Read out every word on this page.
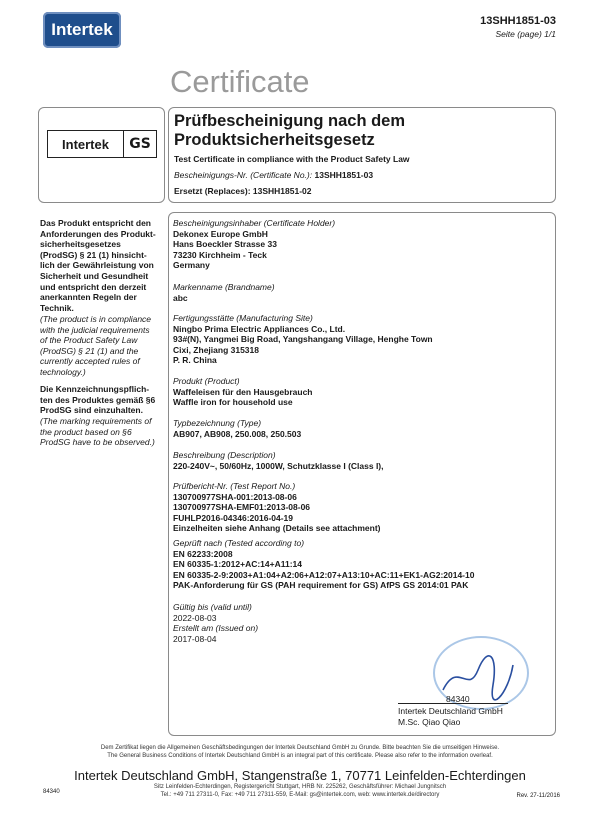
Intertek	13SHH1851-03
Seite (page) 1/1
Certificate
Intertek	GS
Prüfbescheinigung nach dem
Produktsicherheitsgesetz
Test Certificate in compliance with the Product Safety Law
Bescheinigungs-Nr. (Certificate No.): 13SHH1851-03
Ersetzt (Replaces): 13SHH1851-02
Das Produkt entspricht den
Anforderungen des Produkt-
sicherheitsgesetzes
(ProdSG) § 21 (1) hinsicht-
lich der Gewährleistung von
Sicherheit und Gesundheit
und entspricht den derzeit
anerkannten Regeln der
Technik.
(The product is in compliance
with the judicial requirements
of the Product Safety Law
(ProdSG) § 21 (1) and the
currently accepted rules of
technology.)
Die Kennzeichnungspflich-
ten des Produktes gemäß §6
ProdSG sind einzuhalten.
(The marking requirements of
the product based on §6
ProdSG have to be observed.)
Bescheinigungsinhaber (Certificate Holder)
Dekonex Europe GmbH
Hans Boeckler Strasse 33
73230 Kirchheim - Teck
Germany
Markenname (Brandname)
abc
Fertigungsstätte (Manufacturing Site)
Ningbo Prima Electric Appliances Co., Ltd.
93#(N), Yangmei Big Road, Yangshangang Village, Henghe Town
Cixi, Zhejiang 315318
P. R. China
Produkt (Product)
Waffeleisen für den Hausgebrauch
Waffle iron for household use
Typbezeichnung (Type)
AB907, AB908, 250.008, 250.503
Beschreibung (Description)
220-240V~, 50/60Hz, 1000W, Schutzklasse I (Class I),
Prüfbericht-Nr. (Test Report No.)
130700977SHA-001:2013-08-06
130700977SHA-EMF01:2013-08-06
FUHLP2016-04346:2016-04-19
Einzelheiten siehe Anhang (Details see attachment)
Geprüft nach (Tested according to)
EN 62233:2008
EN 60335-1:2012+AC:14+A11:14
EN 60335-2-9:2003+A1:04+A2:06+A12:07+A13:10+AC:11+EK1-AG2:2014-10
PAK-Anforderung für GS (PAH requirement for GS) AfPS GS 2014:01 PAK
Gültig bis (valid until)
2022-08-03
Erstellt am (Issued on)
2017-08-04
84340
Intertek Deutschland GmbH
M.Sc. Qiao Qiao
Dem Zertifikat liegen die Allgemeinen Geschäftsbedingungen der Intertek Deutschland GmbH zu Grunde. Bitte beachten Sie die umseitigen Hinweise.
The General Business Conditions of Intertek Deutschland GmbH is an integral part of this certificate. Please also refer to the information overleaf.
Intertek Deutschland GmbH, Stangenstraße 1, 70771 Leinfelden-Echterdingen
Sitz Leinfelden-Echterdingen, Registergericht Stuttgart, HRB Nr. 225262, Geschäftsführer: Michael Jungnitsch
Tel.: +49 711 27311-0, Fax: +49 711 27311-559, E-Mail: gs@intertek.com, web: www.intertek.de/directory
84340
Rev. 27-11/2016
